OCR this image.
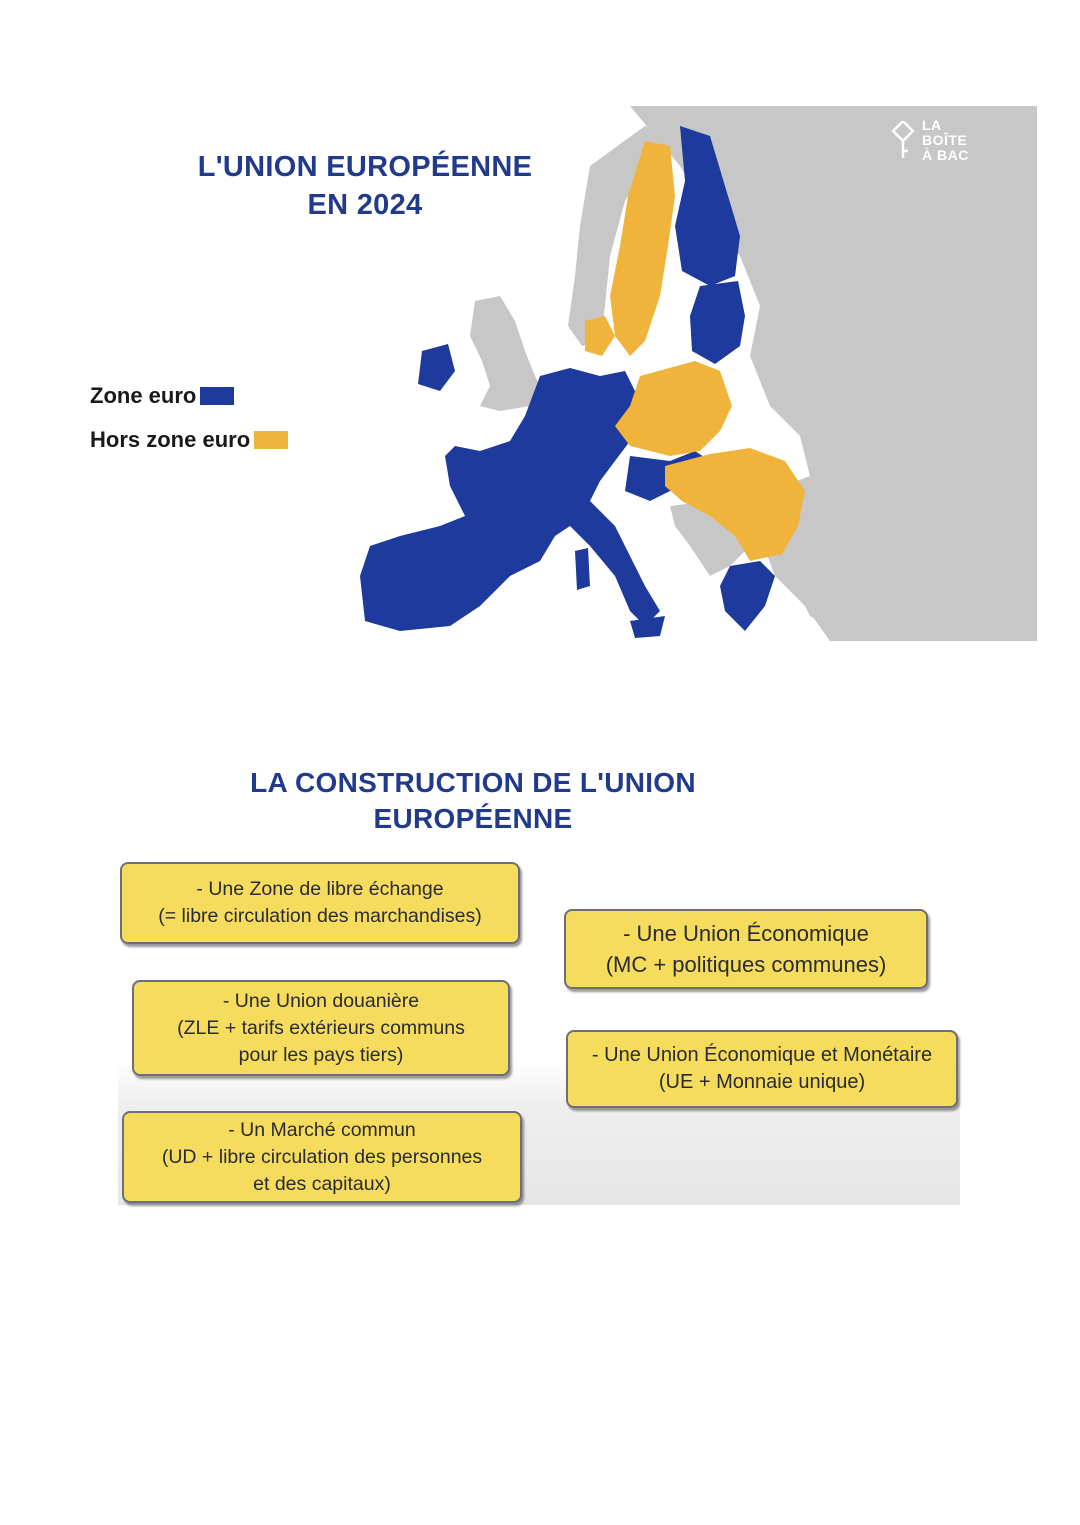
L'UNION EUROPÉENNE
EN 2024
Zone euro
Hors zone euro
LA
BOÎTE
À BAC
LA CONSTRUCTION DE L'UNION
EUROPÉENNE
- Une Zone de libre échange
(= libre circulation des marchandises)
- Une Union douanière
(ZLE + tarifs extérieurs communs
pour les pays tiers)
- Un Marché commun
(UD + libre circulation des personnes
et des capitaux)
- Une Union Économique
(MC + politiques communes)
- Une Union Économique et Monétaire
(UE + Monnaie unique)
